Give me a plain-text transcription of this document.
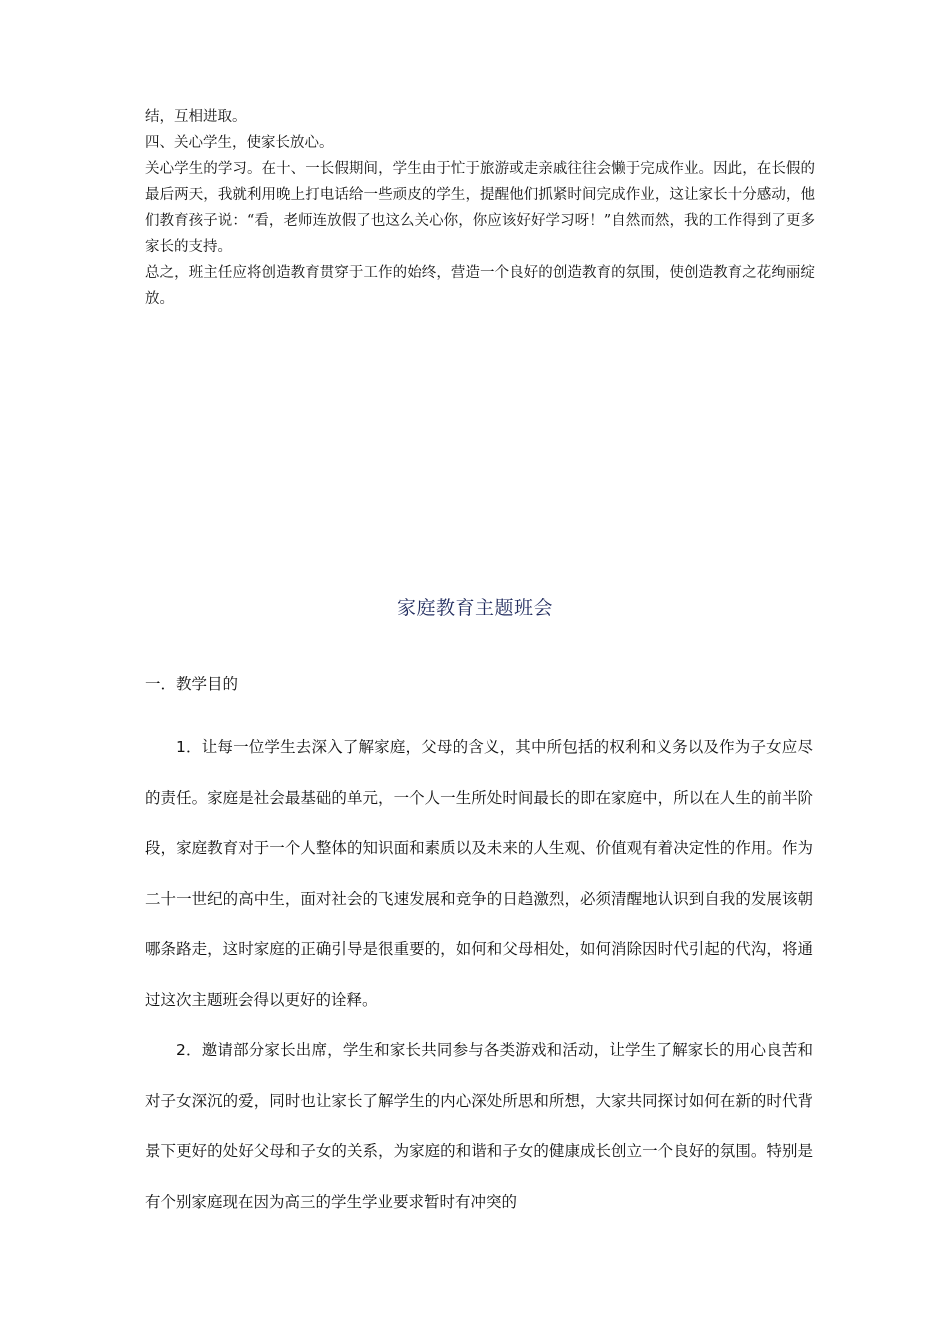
结，互相进取。

四、关心学生，使家长放心。

关心学生的学习。在十、一长假期间，学生由于忙于旅游或走亲戚往往会懒于完成作业。因此，在长假的最后两天，我就利用晚上打电话给一些顽皮的学生，提醒他们抓紧时间完成作业，这让家长十分感动，他们教育孩子说：“看，老师连放假了也这么关心你，你应该好好学习呀！”自然而然，我的工作得到了更多家长的支持。

总之，班主任应将创造教育贯穿于工作的始终，营造一个良好的创造教育的氛围，使创造教育之花绚丽绽放。

家庭教育主题班会
一．教学目的

1．让每一位学生去深入了解家庭，父母的含义，其中所包括的权利和义务以及作为子女应尽的责任。家庭是社会最基础的单元，一个人一生所处时间最长的即在家庭中，所以在人生的前半阶段，家庭教育对于一个人整体的知识面和素质以及未来的人生观、价值观有着决定性的作用。作为二十一世纪的高中生，面对社会的飞速发展和竞争的日趋激烈，必须清醒地认识到自我的发展该朝哪条路走，这时家庭的正确引导是很重要的，如何和父母相处，如何消除因时代引起的代沟，将通过这次主题班会得以更好的诠释。

2．邀请部分家长出席，学生和家长共同参与各类游戏和活动，让学生了解家长的用心良苦和对子女深沉的爱，同时也让家长了解学生的内心深处所思和所想，大家共同探讨如何在新的时代背景下更好的处好父母和子女的关系，为家庭的和谐和子女的健康成长创立一个良好的氛围。特别是有个别家庭现在因为高三的学生学业要求暂时有冲突的
